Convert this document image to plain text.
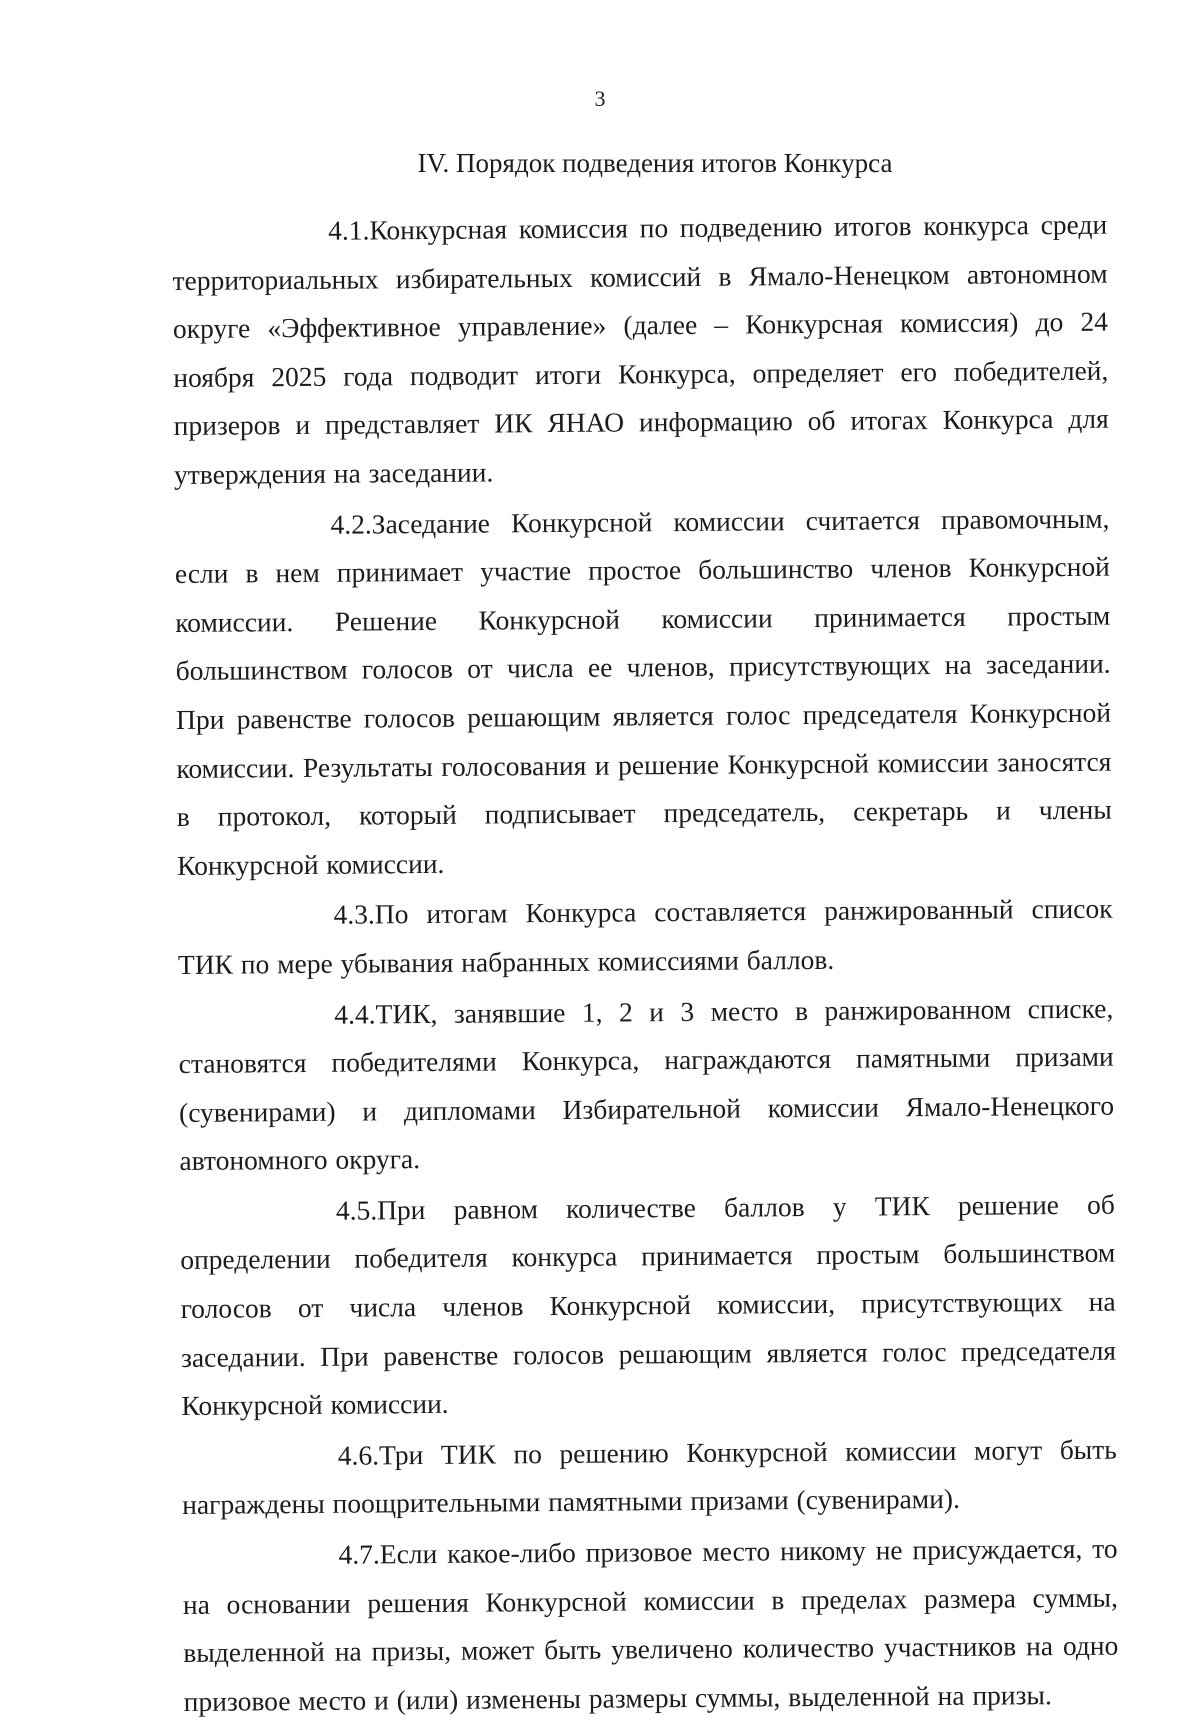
3
IV. Порядок подведения итогов Конкурса

4.1.Конкурсная комиссия по подведению итогов конкурса среди территориальных избирательных комиссий в Ямало-Ненецком автономном округе «Эффективное управление» (далее – Конкурсная комиссия) до 24 ноября 2025 года подводит итоги Конкурса, определяет его победителей, призеров и представляет ИК ЯНАО информацию об итогах Конкурса для утверждения на заседании.

4.2.Заседание Конкурсной комиссии считается правомочным, если в нем принимает участие простое большинство членов Конкурсной комиссии. Решение Конкурсной комиссии принимается простым большинством голосов от числа ее членов, присутствующих на заседании. При равенстве голосов решающим является голос председателя Конкурсной комиссии. Результаты голосования и решение Конкурсной комиссии заносятся в протокол, который подписывает председатель, секретарь и члены Конкурсной комиссии.

4.3.По итогам Конкурса составляется ранжированный список ТИК по мере убывания набранных комиссиями баллов.

4.4.ТИК, занявшие 1, 2 и 3 место в ранжированном списке, становятся победителями Конкурса, награждаются памятными призами (сувенирами) и дипломами Избирательной комиссии Ямало-Ненецкого автономного округа.

4.5.При равном количестве баллов у ТИК решение об определении победителя конкурса принимается простым большинством голосов от числа членов Конкурсной комиссии, присутствующих на заседании. При равенстве голосов решающим является голос председателя Конкурсной комиссии.

4.6.Три ТИК по решению Конкурсной комиссии могут быть награждены поощрительными памятными призами (сувенирами).

4.7.Если какое-либо призовое место никому не присуждается, то на основании решения Конкурсной комиссии в пределах размера суммы, выделенной на призы, может быть увеличено количество участников на одно призовое место и (или) изменены размеры суммы, выделенной на призы.
